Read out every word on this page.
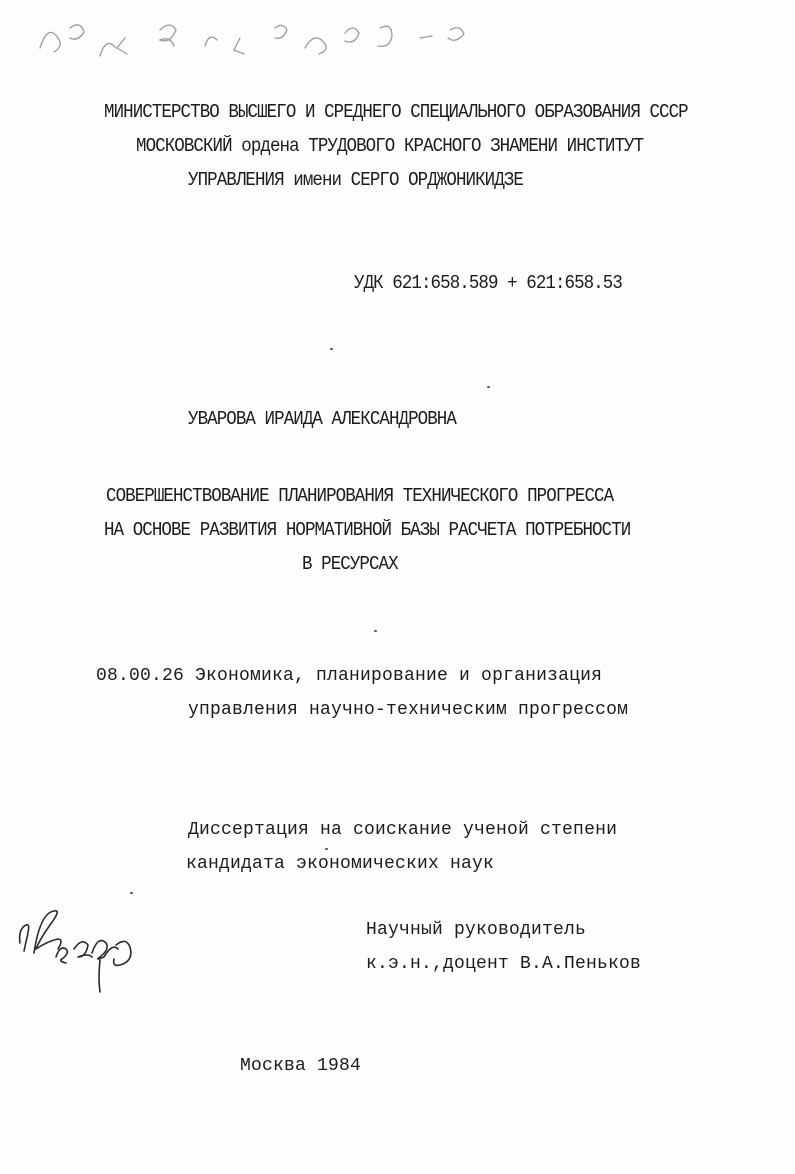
МИНИСТЕРСТВО ВЫСШЕГО И СРЕДНЕГО СПЕЦИАЛЬНОГО ОБРАЗОВАНИЯ СССР
МОСКОВСКИЙ ордена ТРУДОВОГО КРАСНОГО ЗНАМЕНИ ИНСТИТУТ
УПРАВЛЕНИЯ имени СЕРГО ОРДЖОНИКИДЗЕ
УДК 621:658.589 + 621:658.53
УВАРОВА ИРАИДА АЛЕКСАНДРОВНА
СОВЕРШЕНСТВОВАНИЕ ПЛАНИРОВАНИЯ ТЕХНИЧЕСКОГО ПРОГРЕССА
НА ОСНОВЕ РАЗВИТИЯ НОРМАТИВНОЙ БАЗЫ РАСЧЕТА ПОТРЕБНОСТИ
В РЕСУРСАХ
08.00.26 Экономика, планирование и организация
управления научно-техническим прогрессом
Диссертация на соискание ученой степени
кандидата экономических наук
Научный руководитель
к.э.н.,доцент В.А.Пеньков
Москва 1984
